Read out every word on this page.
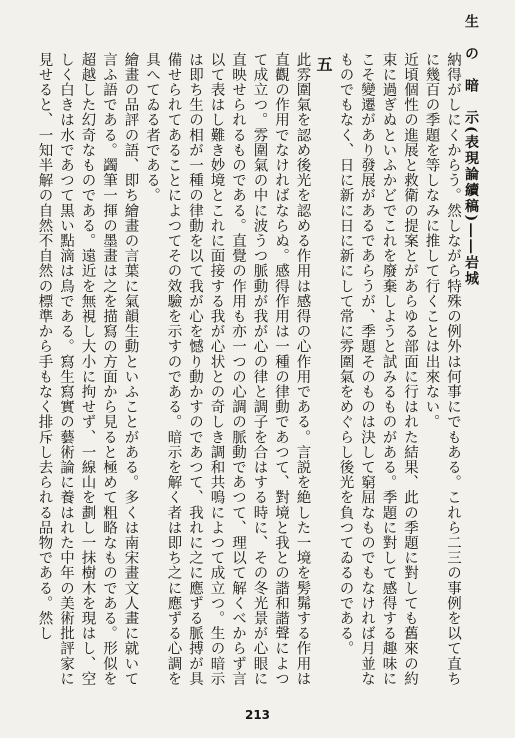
生　の　暗　示(表現論續稿)――岩城

納得がしにくからう。然しながら特殊の例外は何事にでもある。これら二三の事例を以て直ちに幾百の季題を等しなみに推して行くことは出來ない。

近頃個性の進展と救衛の提案とがあらゆる部面に行はれた結果、此の季題に對しても舊來の約束に過ぎぬといふかどでこれを廢棄しようと試みるものがある。季題に對して感得する趣味にこそ變遷があり發展があるであらうが、季題そのものは決して窮屈なものでもなければ月並なものでもなく、日に新に日に新にして常に雰圍氣をめぐらし後光を負つてゐるのである。

五

此雰圍氣を認め後光を認める作用は感得の心作用である。言説を絶した一境を髣髴する作用は直觀の作用でなければならぬ。感得作用は一種の律動であつて、對境と我との諧和諧聲によつて成立つ。雰圍氣の中に波うつ脈動が我が心の律と調子を合はする時に、その冬光景が心眼に直映せられるものである。直覺の作用も亦一つの心調の脈動であつて、理以て解くべからず言以て表はし難き妙境とこれに面接する我が心状との奇しき調和共鳴によつて成立つ。生の暗示は即ち生の相が一種の律動を以て我が心を憾り動かすのであつて、我れに之に應ずる脈搏が具備せられてあることによつてその效驗を示すのである。暗示を解く者は即ち之に應ずる心調を具へてゐる者である。

繪畫の品評の語、即ち繪畫の言葉に氣韻生動といふことがある。多くは南宋畫文人畫に就いて言ふ語である。蠲筆一揮の墨畫は之を描寫の方面から見ると極めて粗略なものである。形似を超越した幻奇なものである。遠近を無視し大小に拘せず、一線山を劃し一抹樹木を現はし、空しく白きは水であつて黒い點滴は鳥である。寫生寫實の藝術論に養はれた中年の美術批評家に見せると、一知半解の自然不自然の標準から手もなく排斥し去られる品物である。然し

213
